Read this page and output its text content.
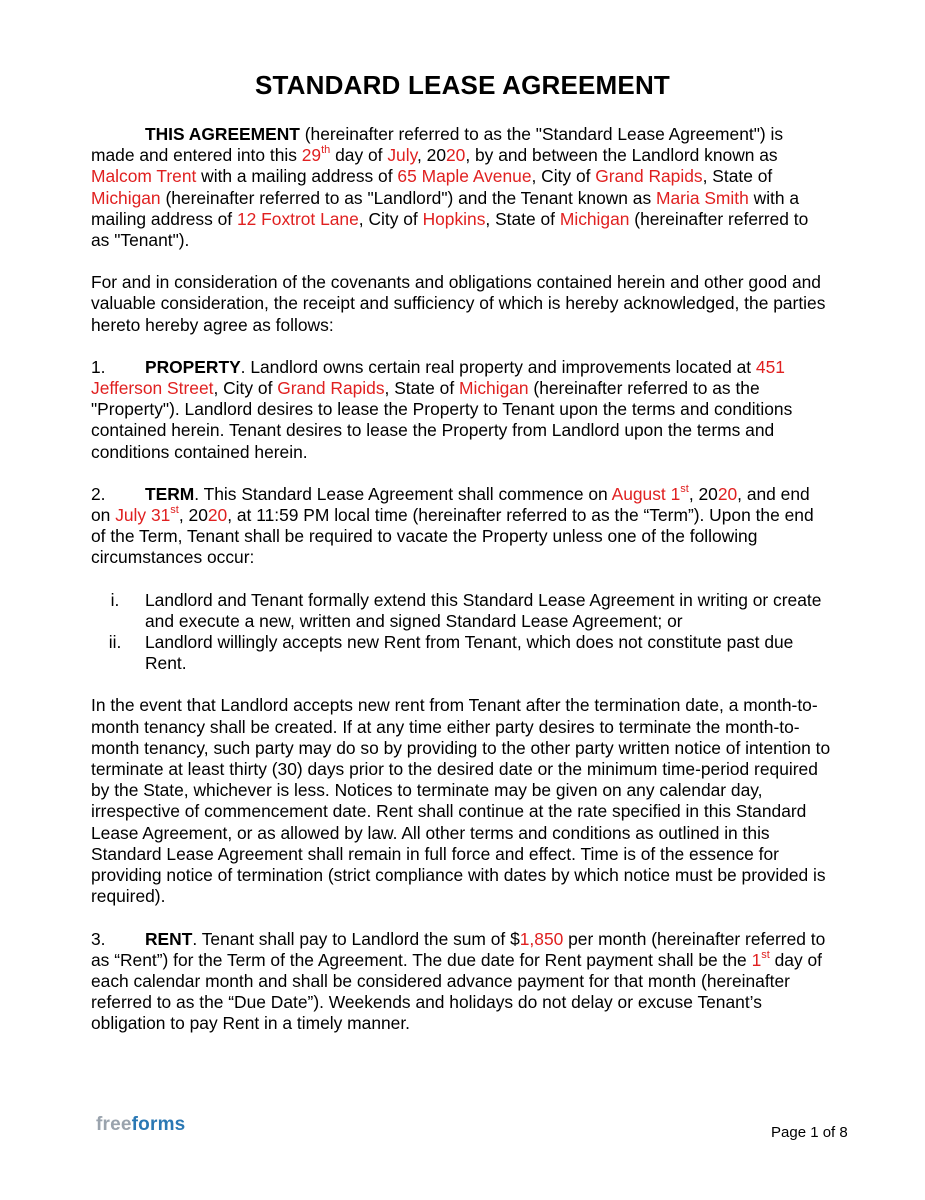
STANDARD LEASE AGREEMENT

THIS AGREEMENT (hereinafter referred to as the "Standard Lease Agreement") is made and entered into this 29th day of July, 2020, by and between the Landlord known as Malcom Trent with a mailing address of 65 Maple Avenue, City of Grand Rapids, State of Michigan (hereinafter referred to as "Landlord") and the Tenant known as Maria Smith with a mailing address of 12 Foxtrot Lane, City of Hopkins, State of Michigan (hereinafter referred to as "Tenant").

For and in consideration of the covenants and obligations contained herein and other good and valuable consideration, the receipt and sufficiency of which is hereby acknowledged, the parties hereto hereby agree as follows:

1. PROPERTY. Landlord owns certain real property and improvements located at 451 Jefferson Street, City of Grand Rapids, State of Michigan (hereinafter referred to as the "Property"). Landlord desires to lease the Property to Tenant upon the terms and conditions contained herein. Tenant desires to lease the Property from Landlord upon the terms and conditions contained herein.

2. TERM. This Standard Lease Agreement shall commence on August 1st, 2020, and end on July 31st, 2020, at 11:59 PM local time (hereinafter referred to as the “Term”). Upon the end of the Term, Tenant shall be required to vacate the Property unless one of the following circumstances occur:

i.	Landlord and Tenant formally extend this Standard Lease Agreement in writing or create and execute a new, written and signed Standard Lease Agreement; or
ii.	Landlord willingly accepts new Rent from Tenant, which does not constitute past due Rent.

In the event that Landlord accepts new rent from Tenant after the termination date, a month-to-month tenancy shall be created. If at any time either party desires to terminate the month-to-month tenancy, such party may do so by providing to the other party written notice of intention to terminate at least thirty (30) days prior to the desired date or the minimum time-period required by the State, whichever is less. Notices to terminate may be given on any calendar day, irrespective of commencement date. Rent shall continue at the rate specified in this Standard Lease Agreement, or as allowed by law. All other terms and conditions as outlined in this Standard Lease Agreement shall remain in full force and effect. Time is of the essence for providing notice of termination (strict compliance with dates by which notice must be provided is required).

3. RENT. Tenant shall pay to Landlord the sum of $1,850 per month (hereinafter referred to as “Rent”) for the Term of the Agreement. The due date for Rent payment shall be the 1st day of each calendar month and shall be considered advance payment for that month (hereinafter referred to as the “Due Date”). Weekends and holidays do not delay or excuse Tenant’s obligation to pay Rent in a timely manner.

freeforms	Page 1 of 8
